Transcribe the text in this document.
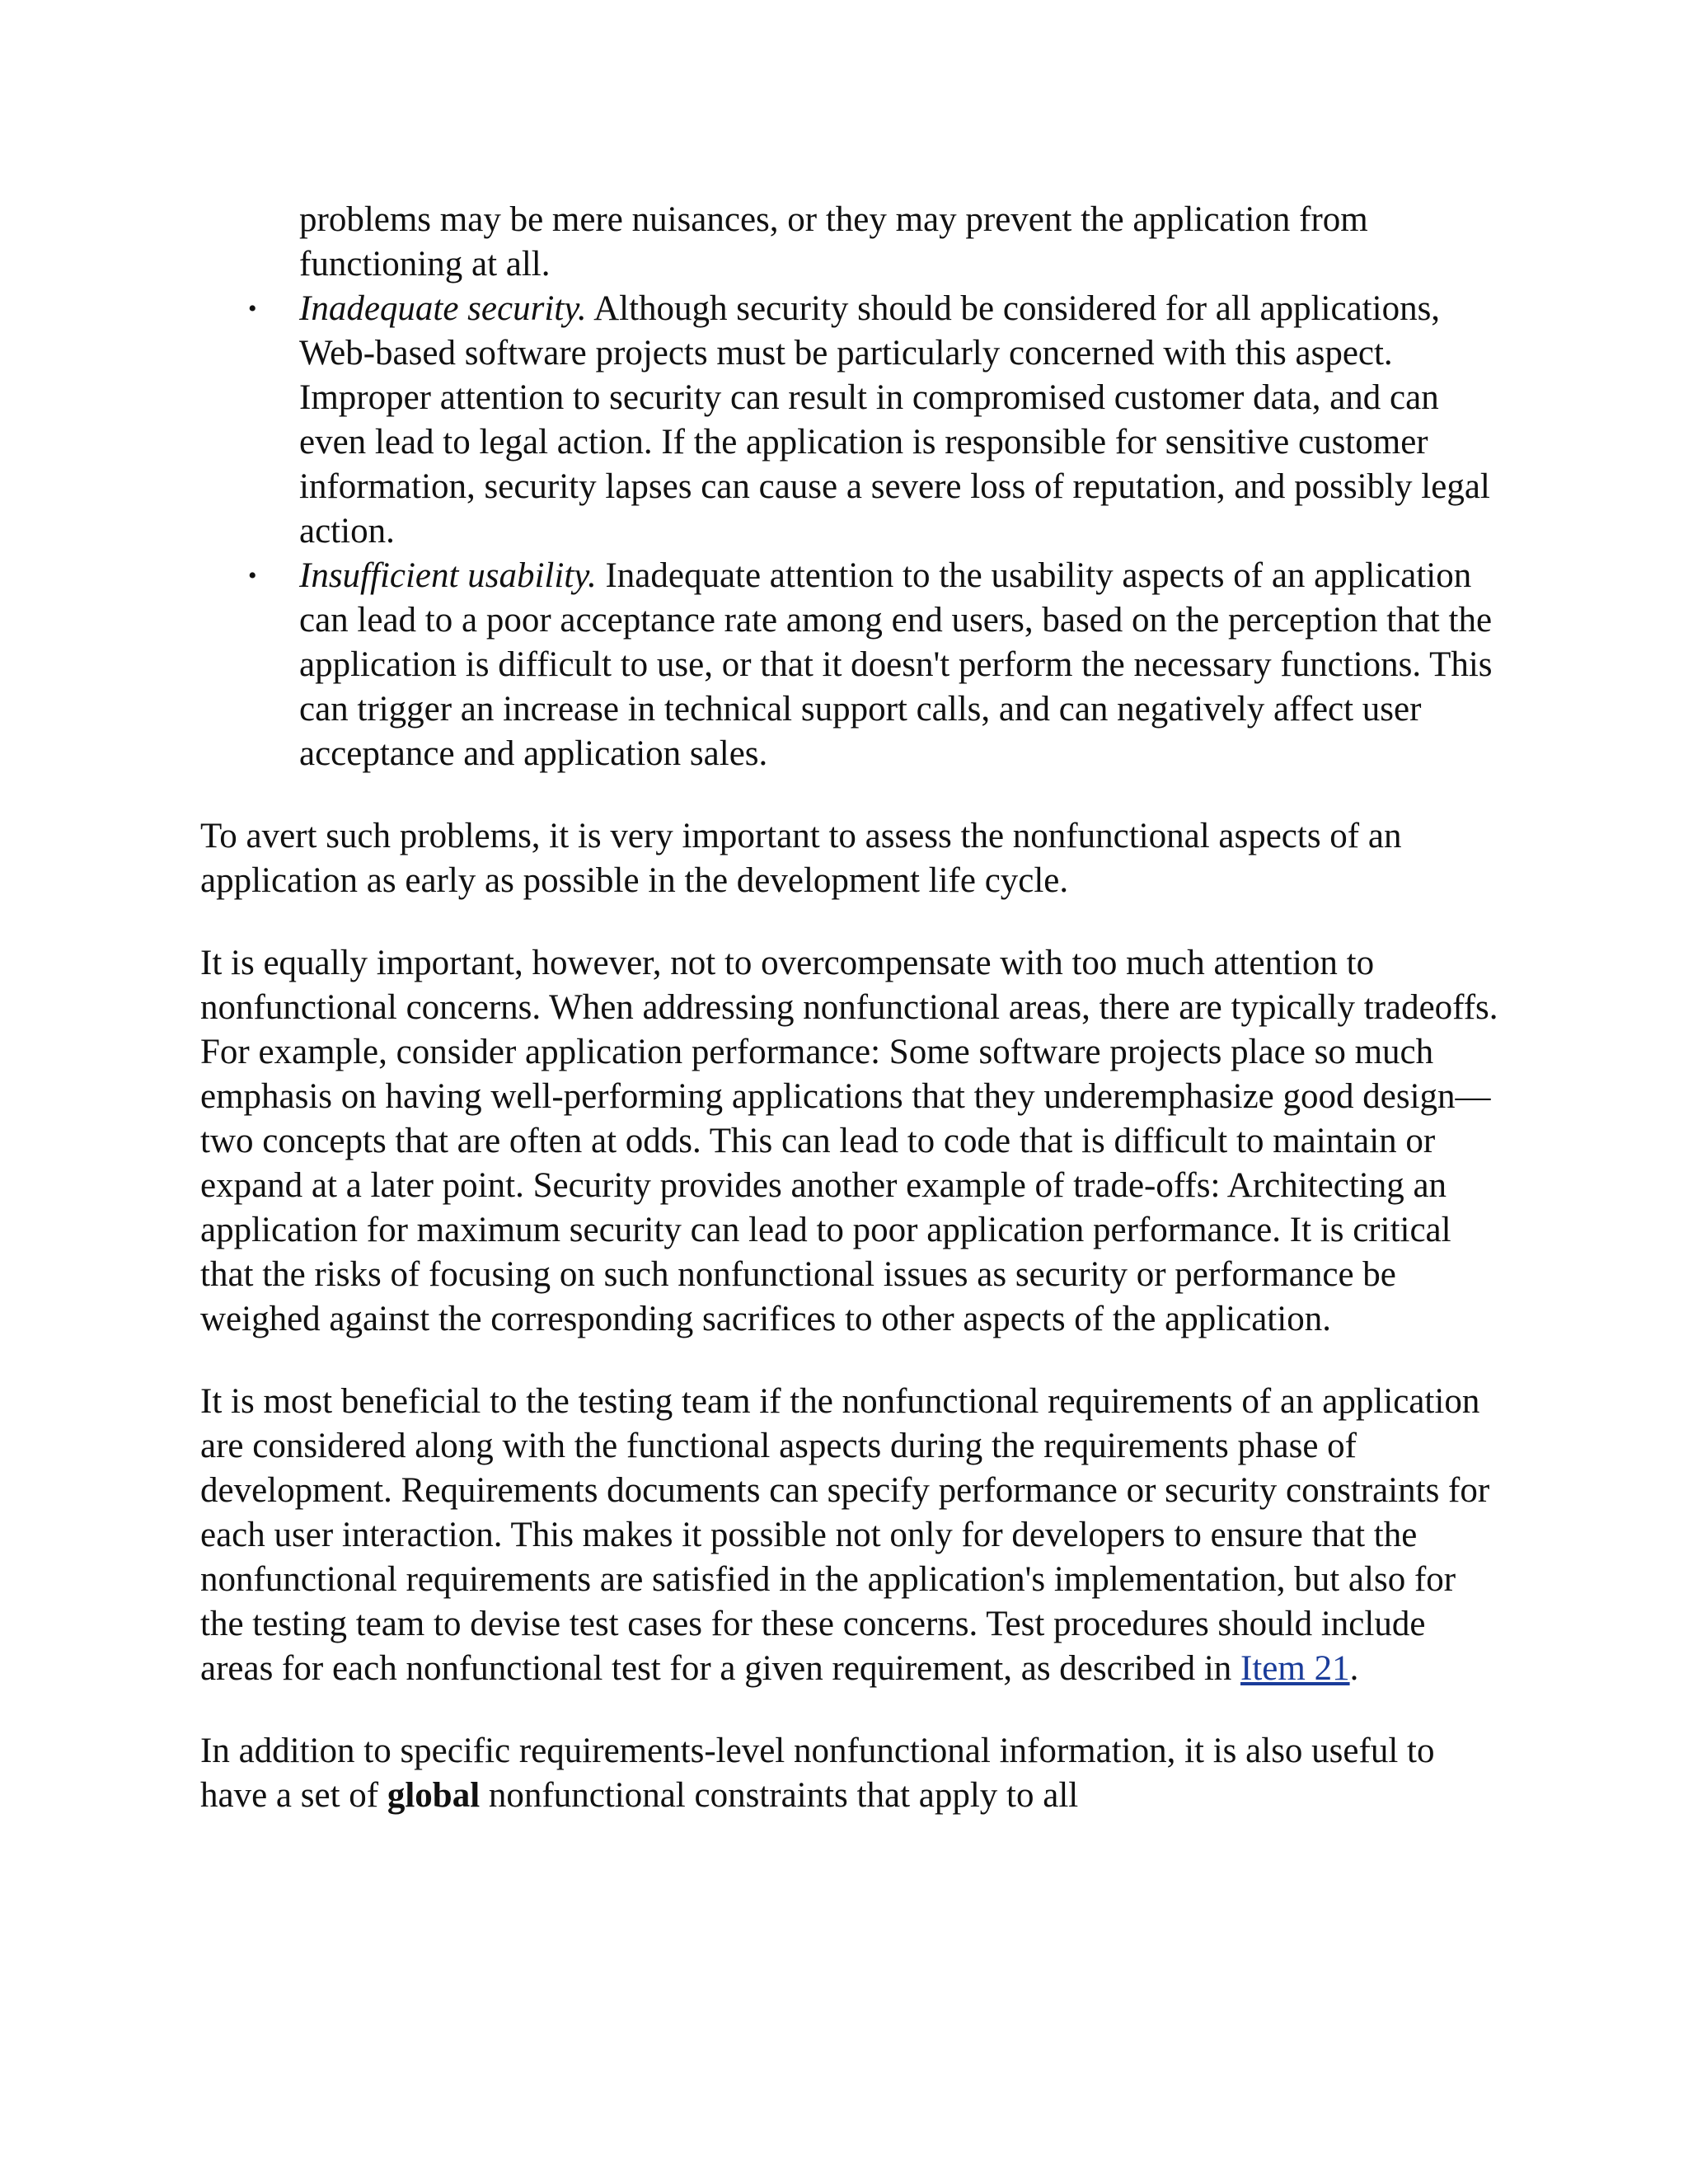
problems may be mere nuisances, or they may prevent the application from functioning at all.
• Inadequate security. Although security should be considered for all applications, Web-based software projects must be particularly concerned with this aspect. Improper attention to security can result in compromised customer data, and can even lead to legal action. If the application is responsible for sensitive customer information, security lapses can cause a severe loss of reputation, and possibly legal action.
• Insufficient usability. Inadequate attention to the usability aspects of an application can lead to a poor acceptance rate among end users, based on the perception that the application is difficult to use, or that it doesn't perform the necessary functions. This can trigger an increase in technical support calls, and can negatively affect user acceptance and application sales.

To avert such problems, it is very important to assess the nonfunctional aspects of an application as early as possible in the development life cycle.

It is equally important, however, not to overcompensate with too much attention to nonfunctional concerns. When addressing nonfunctional areas, there are typically tradeoffs. For example, consider application performance: Some software projects place so much emphasis on having well-performing applications that they underemphasize good design— two concepts that are often at odds. This can lead to code that is difficult to maintain or expand at a later point. Security provides another example of trade-offs: Architecting an application for maximum security can lead to poor application performance. It is critical that the risks of focusing on such nonfunctional issues as security or performance be weighed against the corresponding sacrifices to other aspects of the application.

It is most beneficial to the testing team if the nonfunctional requirements of an application are considered along with the functional aspects during the requirements phase of development. Requirements documents can specify performance or security constraints for each user interaction. This makes it possible not only for developers to ensure that the nonfunctional requirements are satisfied in the application's implementation, but also for the testing team to devise test cases for these concerns. Test procedures should include areas for each nonfunctional test for a given requirement, as described in Item 21.

In addition to specific requirements-level nonfunctional information, it is also useful to have a set of global nonfunctional constraints that apply to all
